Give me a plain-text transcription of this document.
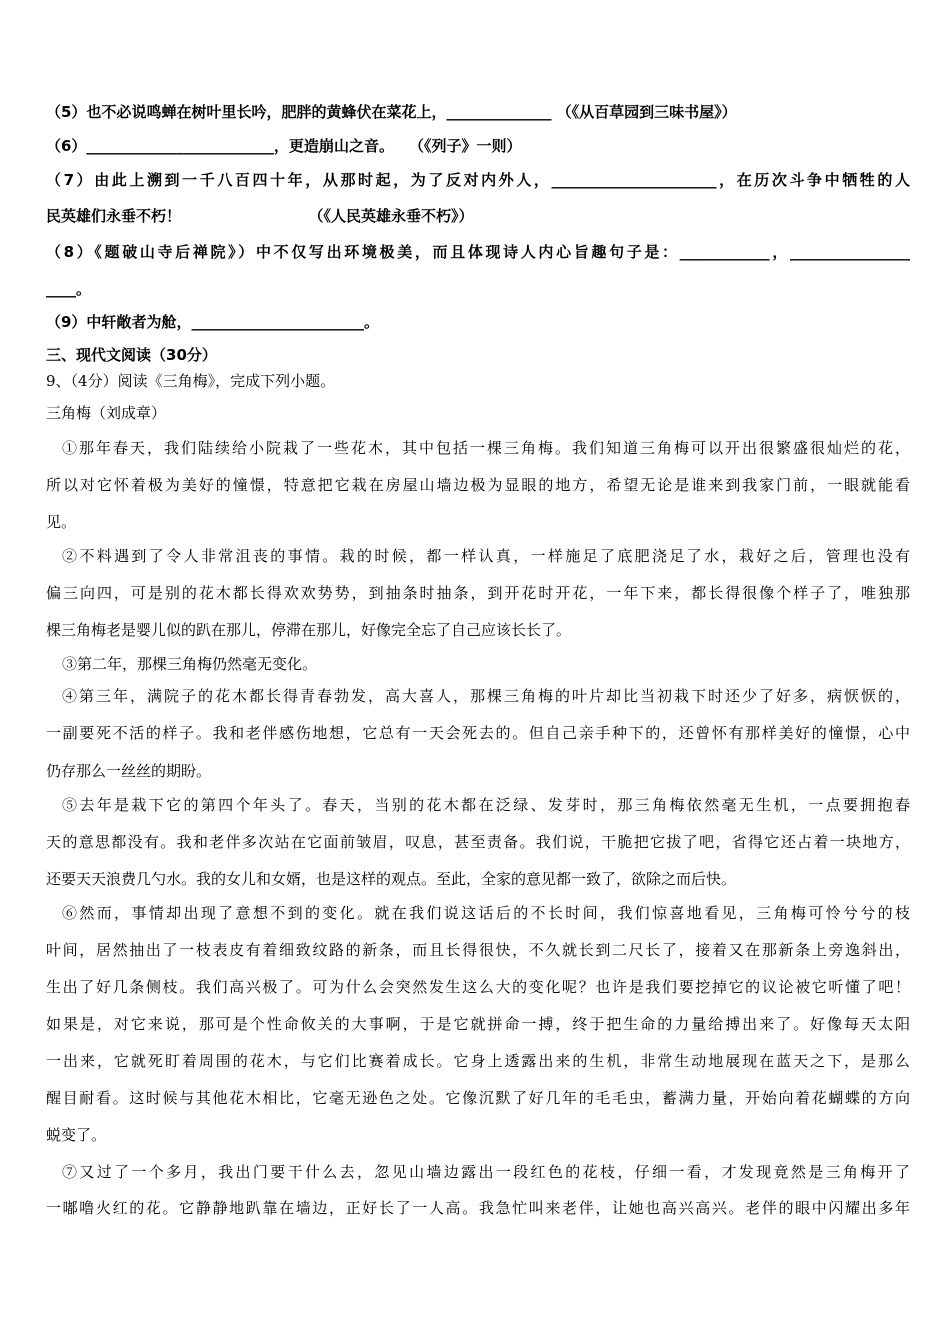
（5）也不必说鸣蝉在树叶里长吟，肥胖的黄蜂伏在菜花上，______________ （《从百草园到三味书屋》）
（6）_________________________，更造崩山之音。　　（《列子》一则）
（7）由此上溯到一千八百四十年，从那时起，为了反对内外人，______________________，在历次斗争中牺牲的人
民英雄们永垂不朽！　　　　　　　　　（《人民英雄永垂不朽》）
（8）《题破山寺后禅院》）中不仅写出环境极美，而且体现诗人内心旨趣句子是：____________，________________
____。
（9）中轩敞者为舱，_______________________。
三、现代文阅读（30分）
9、（4分）阅读《三角梅》，完成下列小题。
三角梅（刘成章）
①那年春天，我们陆续给小院栽了一些花木，其中包括一棵三角梅。我们知道三角梅可以开出很繁盛很灿烂的花，
所以对它怀着极为美好的憧憬，特意把它栽在房屋山墙边极为显眼的地方，希望无论是谁来到我家门前，一眼就能看
见。
②不料遇到了令人非常沮丧的事情。栽的时候，都一样认真，一样施足了底肥浇足了水，栽好之后，管理也没有
偏三向四，可是别的花木都长得欢欢势势，到抽条时抽条，到开花时开花，一年下来，都长得很像个样子了，唯独那
棵三角梅老是婴儿似的趴在那儿，停滞在那儿，好像完全忘了自己应该长长了。
③第二年，那棵三角梅仍然毫无变化。
④第三年，满院子的花木都长得青春勃发，高大喜人，那棵三角梅的叶片却比当初栽下时还少了好多，病恹恹的，
一副要死不活的样子。我和老伴感伤地想，它总有一天会死去的。但自己亲手种下的，还曾怀有那样美好的憧憬，心中
仍存那么一丝丝的期盼。
⑤去年是栽下它的第四个年头了。春天，当别的花木都在泛绿、发芽时，那三角梅依然毫无生机，一点要拥抱春
天的意思都没有。我和老伴多次站在它面前皱眉，叹息，甚至责备。我们说，干脆把它拔了吧，省得它还占着一块地方，
还要天天浪费几勺水。我的女儿和女婿，也是这样的观点。至此，全家的意见都一致了，欲除之而后快。
⑥然而，事情却出现了意想不到的变化。就在我们说这话后的不长时间，我们惊喜地看见，三角梅可怜兮兮的枝
叶间，居然抽出了一枝表皮有着细致纹路的新条，而且长得很快，不久就长到二尺长了，接着又在那新条上旁逸斜出，
生出了好几条侧枝。我们高兴极了。可为什么会突然发生这么大的变化呢？也许是我们要挖掉它的议论被它听懂了吧！
如果是，对它来说，那可是个性命攸关的大事啊，于是它就拼命一搏，终于把生命的力量给搏出来了。好像每天太阳
一出来，它就死盯着周围的花木，与它们比赛着成长。它身上透露出来的生机，非常生动地展现在蓝天之下，是那么
醒目耐看。这时候与其他花木相比，它毫无逊色之处。它像沉默了好几年的毛毛虫，蓄满力量，开始向着花蝴蝶的方向
蜕变了。
⑦又过了一个多月，我出门要干什么去，忽见山墙边露出一段红色的花枝，仔细一看，才发现竟然是三角梅开了
一嘟噜火红的花。它静静地趴靠在墙边，正好长了一人高。我急忙叫来老伴，让她也高兴高兴。老伴的眼中闪耀出多年
